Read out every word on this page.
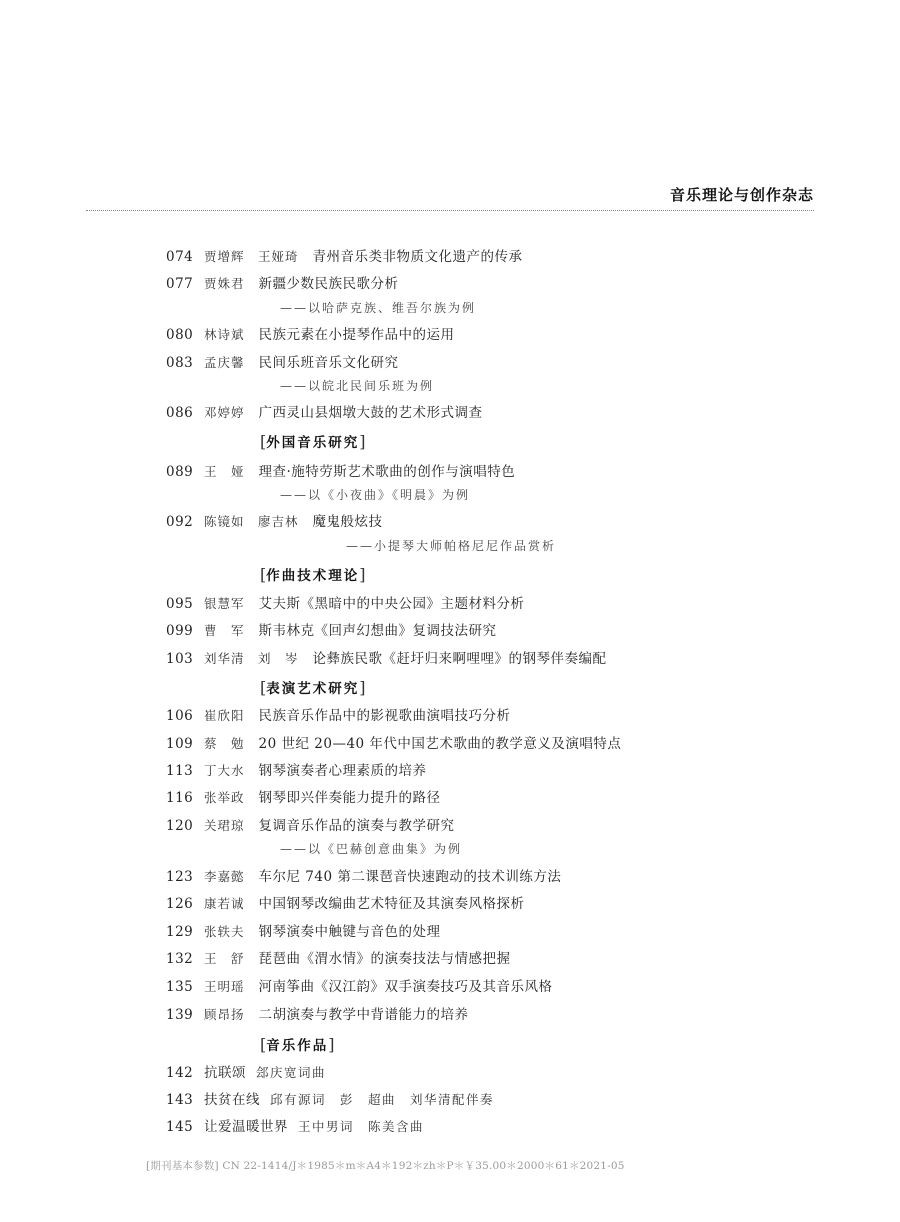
音乐理论与创作杂志
074 贾增辉　王娅琦 青州音乐类非物质文化遗产的传承
077 贾姝君 新疆少数民族民歌分析
——以哈萨克族、维吾尔族为例
080 林诗斌 民族元素在小提琴作品中的运用
083 孟庆馨 民间乐班音乐文化研究
——以皖北民间乐班为例
086 邓婷婷 广西灵山县烟墩大鼓的艺术形式调查
[外国音乐研究]
089 王　娅 理查·施特劳斯艺术歌曲的创作与演唱特色
——以《小夜曲》《明晨》为例
092 陈镜如　廖吉林 魔鬼般炫技
——小提琴大师帕格尼尼作品赏析
[作曲技术理论]
095 银慧军 艾夫斯《黑暗中的中央公园》主题材料分析
099 曹　军 斯韦林克《回声幻想曲》复调技法研究
103 刘华清　刘　岑 论彝族民歌《赶圩归来啊哩哩》的钢琴伴奏编配
[表演艺术研究]
106 崔欣阳 民族音乐作品中的影视歌曲演唱技巧分析
109 蔡　勉 20 世纪 20—40 年代中国艺术歌曲的教学意义及演唱特点
113 丁大水 钢琴演奏者心理素质的培养
116 张举政 钢琴即兴伴奏能力提升的路径
120 关珺琼 复调音乐作品的演奏与教学研究
——以《巴赫创意曲集》为例
123 李嘉懿 车尔尼 740 第二课琶音快速跑动的技术训练方法
126 康若诚 中国钢琴改编曲艺术特征及其演奏风格探析
129 张轶夫 钢琴演奏中触键与音色的处理
132 王　舒 琵琶曲《渭水情》的演奏技法与情感把握
135 王明瑶 河南筝曲《汉江韵》双手演奏技巧及其音乐风格
139 顾昂扬 二胡演奏与教学中背谱能力的培养
[音乐作品]
142 抗联颂 郐庆宽词曲
143 扶贫在线 邱有源词　彭　超曲　刘华清配伴奏
145 让爱温暖世界 王中男词　陈美含曲
[期刊基本参数] CN 22-1414/J＊1985＊m＊A4＊192＊zh＊P＊￥35.00＊2000＊61＊2021-05
